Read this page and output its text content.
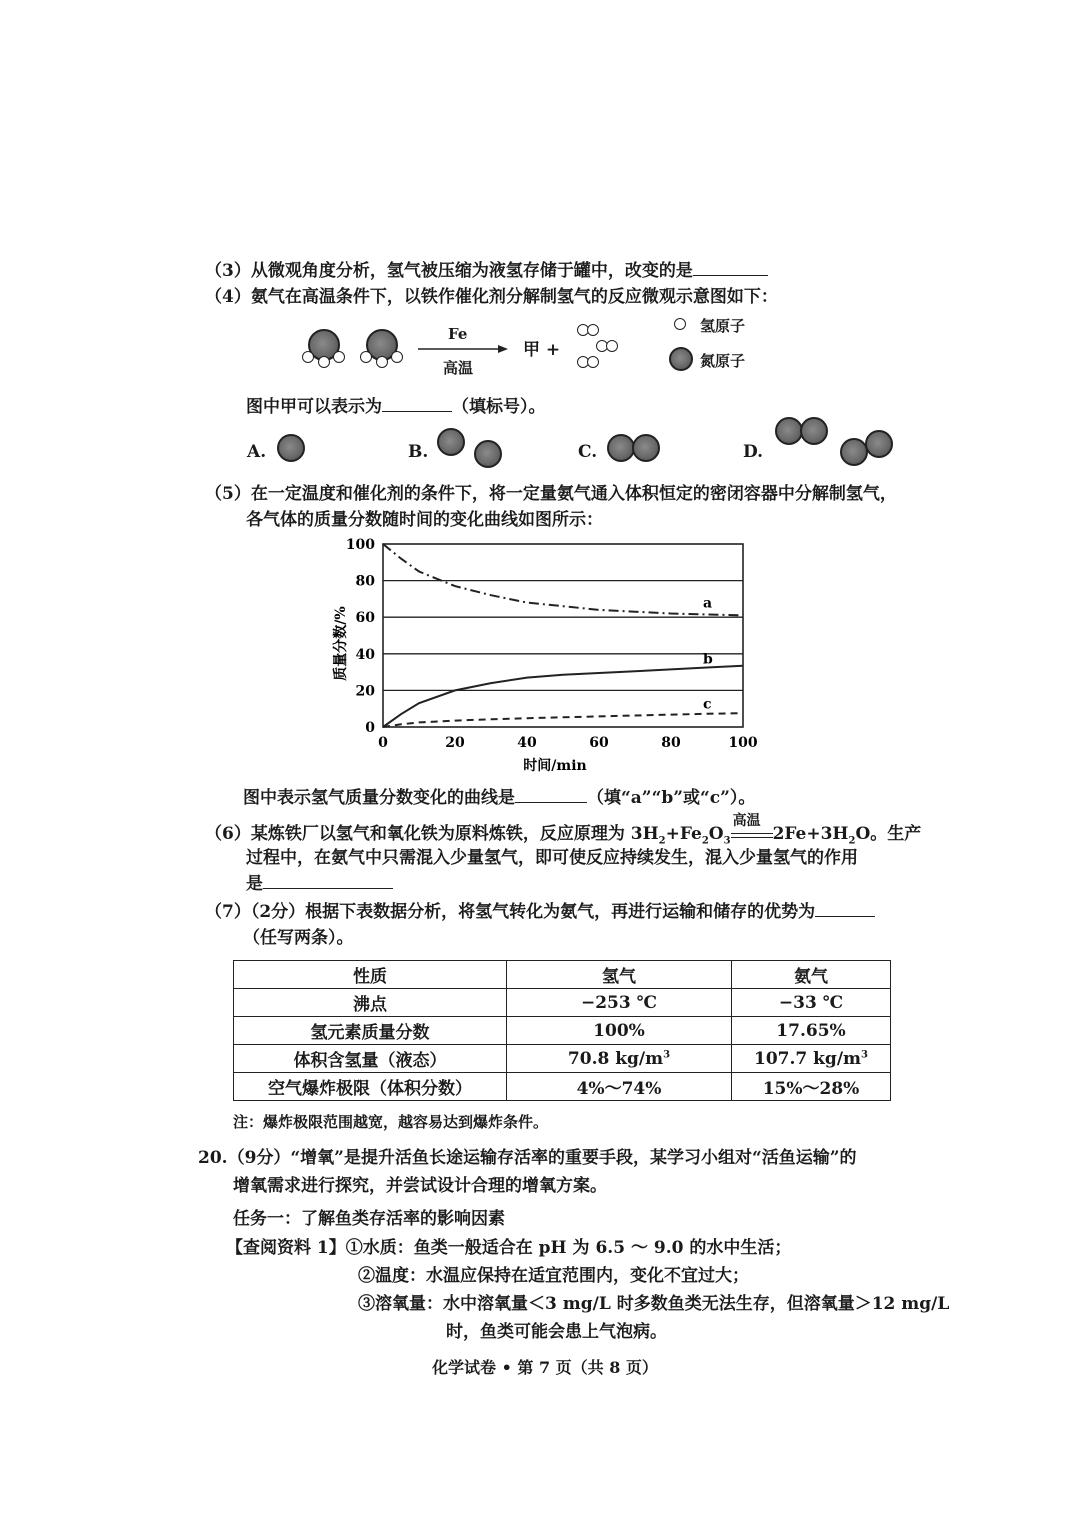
（3）从微观角度分析，氢气被压缩为液氢存储于罐中，改变的是
（4）氨气在高温条件下，以铁作催化剂分解制氢气的反应微观示意图如下：
Fe
高温
甲 +
氢原子
氮原子
图中甲可以表示为	（填标号）。
A.	B.	C.	D.
（5）在一定温度和催化剂的条件下，将一定量氨气通入体积恒定的密闭容器中分解制氢气，
各气体的质量分数随时间的变化曲线如图所示：
0
20
40
60
80
100
0	20	40	60	80	100
时间/min
质量分数/%
a
b
c
图中表示氢气质量分数变化的曲线是	（填“a”“b”或“c”）。
（6）某炼铁厂以氢气和氧化铁为原料炼铁，反应原理为 $3H_2+Fe_2O_3$
高温
$2Fe+3H_2O$。生产
过程中，在氨气中只需混入少量氢气，即可使反应持续发生，混入少量氢气的作用
是
（7）（2分）根据下表数据分析，将氢气转化为氨气，再进行运输和储存的优势为
（任写两条）。
性质	氢气	氨气
沸点	−253 ℃	−33 ℃
氢元素质量分数	100%	17.65%
体积含氢量（液态）	70.8 $kg/m^3$	107.7 $kg/m^3$
空气爆炸极限（体积分数）	4%～74%	15%～28%
注：爆炸极限范围越宽，越容易达到爆炸条件。
20.（9分）“增氧”是提升活鱼长途运输存活率的重要手段，某学习小组对“活鱼运输”的
增氧需求进行探究，并尝试设计合理的增氧方案。
任务一：了解鱼类存活率的影响因素
【查阅资料 1】①水质：鱼类一般适合在 pH 为 6.5 ～ 9.0 的水中生活；
②温度：水温应保持在适宜范围内，变化不宜过大；
③溶氧量：水中溶氧量＜3 mg/L 时多数鱼类无法生存，但溶氧量＞12 mg/L
时，鱼类可能会患上气泡病。
化学试卷 • 第 7 页（共 8 页）
